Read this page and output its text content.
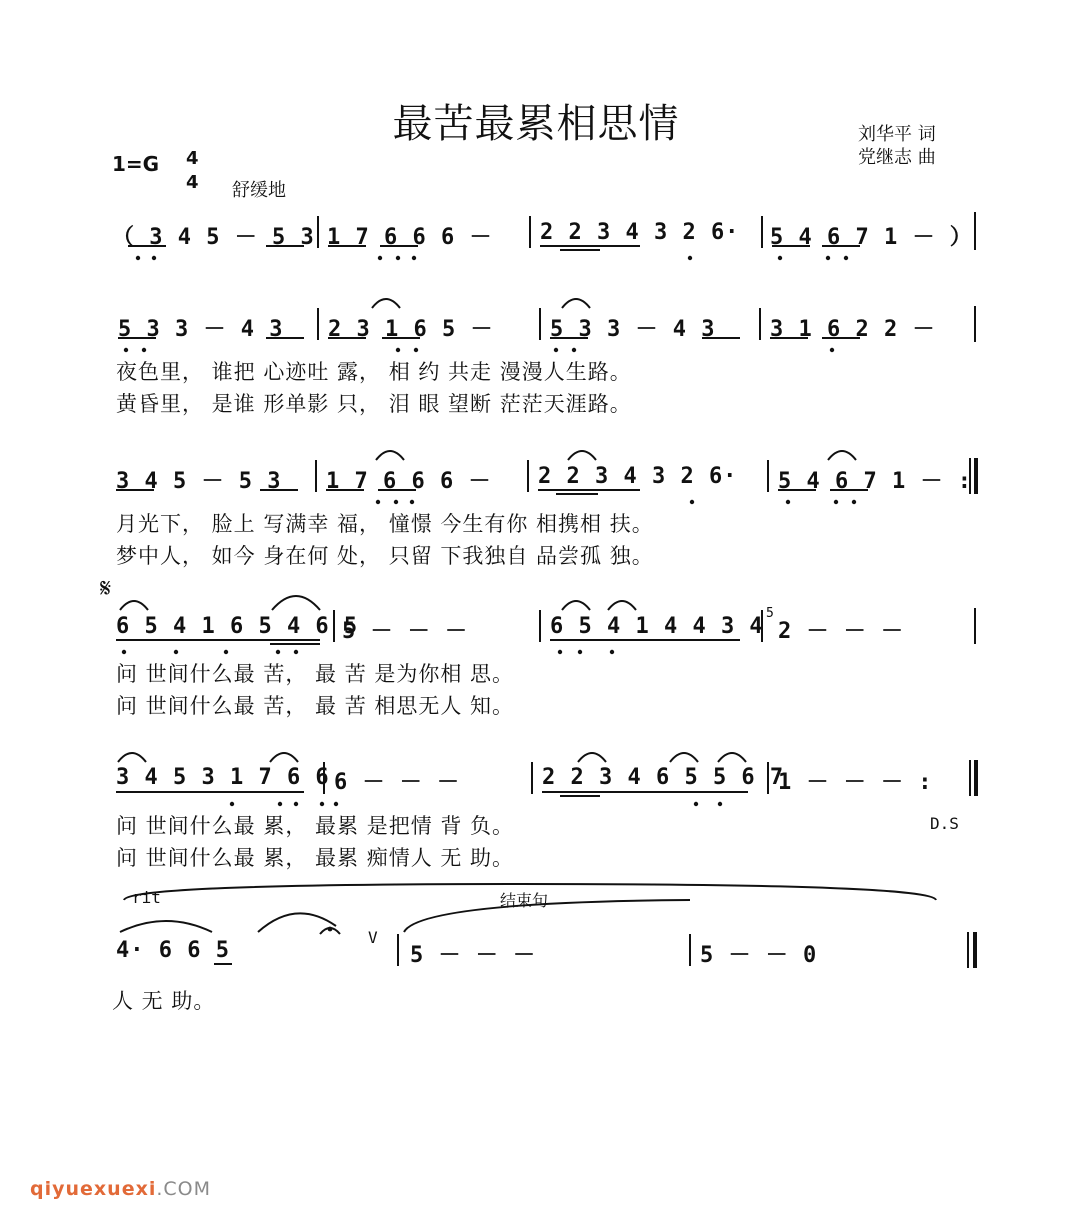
最苦最累相思情	刘华平 词
党继志 曲
1=G 4
4 舒缓地
（ 3 4 5 － 5 3 1 7 6 6 6 － 2 2 3 4 3 2 6· 5 4 6 7 1 － ）
5 3 3 － 4 3 2 3 1 6 5 －	5 3 3 － 4 3 3 1 6 2 2 －
夜色里， 谁把 心迹吐 露， 相 约 共走 漫漫人生路。
黄昏里， 是谁 形单影 只， 泪 眼 望断 茫茫天涯路。
3 4 5 － 5 3 1 7 6 6 6 － 2 2 3 4 3 2 6· 5 4 6 7 1 － :
月光下， 脸上 写满幸 福， 憧憬 今生有你 相携相 扶。
梦中人， 如今 身在何 处， 只留 下我独自 品尝孤 独。
𝄋
6 5 4 1 6 5 4 6 5
5 － － －	6 5 4 1 4 4 3 4 2 － － －
5
问 世间什么最 苦， 最 苦 是为你相 思。
问 世间什么最 苦， 最 苦 相思无人 知。
3 4 5 3 1 7 6 6 6 － － －	2 2 3 4 6 5 5 6 7
1 － － － :
问 世间什么最 累， 最累 是把情 背 负。
问 世间什么最 累， 最累 痴情人 无 助。
D.S
rit	结束句
V
4· 6 6 5	5 － － －	5 － － 0
人 无 助。
qiyuexuexi.COM
